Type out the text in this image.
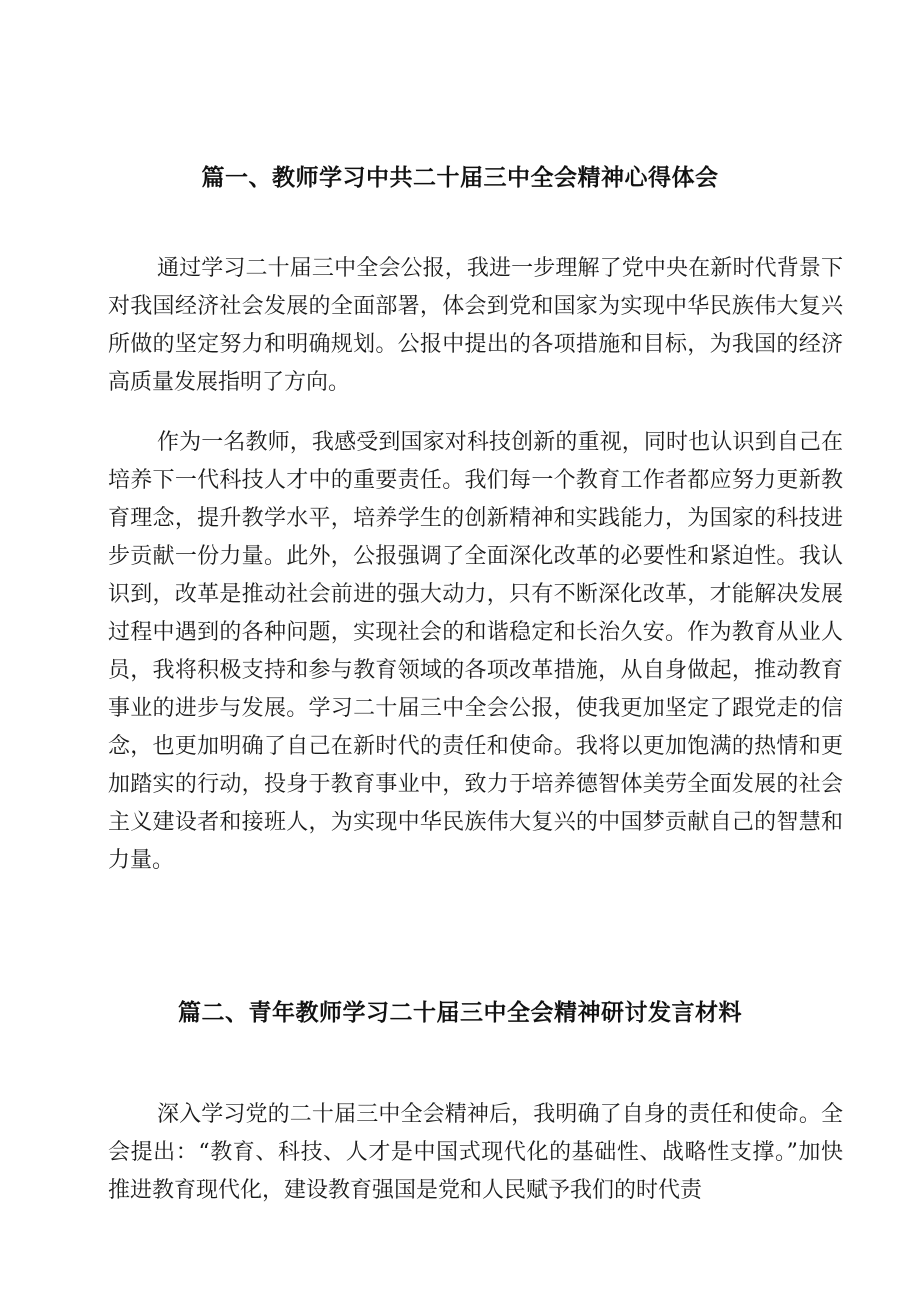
篇一、教师学习中共二十届三中全会精神心得体会

通过学习二十届三中全会公报，我进一步理解了党中央在新时代背景下对我国经济社会发展的全面部署，体会到党和国家为实现中华民族伟大复兴所做的坚定努力和明确规划。公报中提出的各项措施和目标，为我国的经济高质量发展指明了方向。

作为一名教师，我感受到国家对科技创新的重视，同时也认识到自己在培养下一代科技人才中的重要责任。我们每一个教育工作者都应努力更新教育理念，提升教学水平，培养学生的创新精神和实践能力，为国家的科技进步贡献一份力量。此外，公报强调了全面深化改革的必要性和紧迫性。我认识到，改革是推动社会前进的强大动力，只有不断深化改革，才能解决发展过程中遇到的各种问题，实现社会的和谐稳定和长治久安。作为教育从业人员，我将积极支持和参与教育领域的各项改革措施，从自身做起，推动教育事业的进步与发展。学习二十届三中全会公报，使我更加坚定了跟党走的信念，也更加明确了自己在新时代的责任和使命。我将以更加饱满的热情和更加踏实的行动，投身于教育事业中，致力于培养德智体美劳全面发展的社会主义建设者和接班人，为实现中华民族伟大复兴的中国梦贡献自己的智慧和力量。

篇二、青年教师学习二十届三中全会精神研讨发言材料

深入学习党的二十届三中全会精神后，我明确了自身的责任和使命。全会提出：“教育、科技、人才是中国式现代化的基础性、战略性支撑。”加快推进教育现代化，建设教育强国是党和人民赋予我们的时代责
